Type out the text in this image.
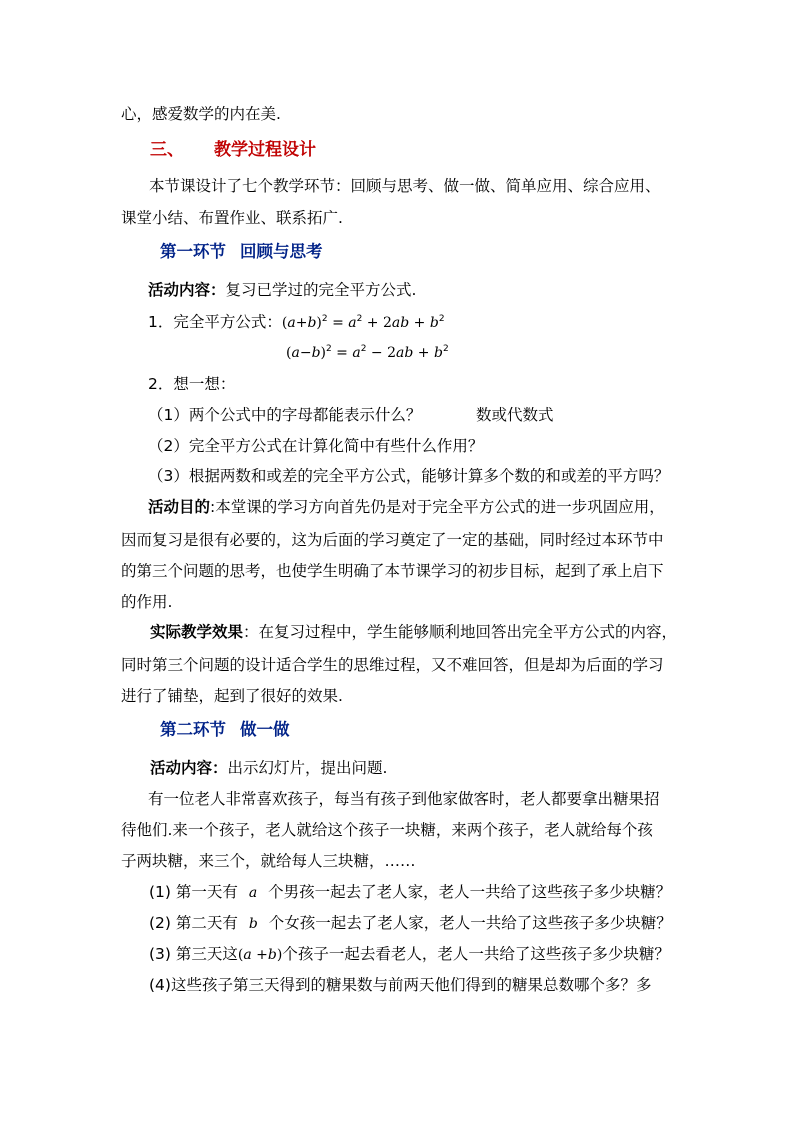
心，感爱数学的内在美.
三、 教学过程设计
本节课设计了七个教学环节：回顾与思考、做一做、简单应用、综合应用、
课堂小结、布置作业、联系拓广.
第一环节 回顾与思考
活动内容：复习已学过的完全平方公式.
1．完全平方公式：$(a+b)^2 = a^2 + 2ab + b^2$
$(a-b)^2 = a^2 - 2ab + b^2$
2．想一想：
（1）两个公式中的字母都能表示什么？	数或代数式
（2）完全平方公式在计算化简中有些什么作用？
（3）根据两数和或差的完全平方公式，能够计算多个数的和或差的平方吗？
活动目的:本堂课的学习方向首先仍是对于完全平方公式的进一步巩固应用，
因而复习是很有必要的，这为后面的学习奠定了一定的基础，同时经过本环节中
的第三个问题的思考，也使学生明确了本节课学习的初步目标，起到了承上启下
的作用.
实际教学效果：在复习过程中，学生能够顺利地回答出完全平方公式的内容，
同时第三个问题的设计适合学生的思维过程，又不难回答，但是却为后面的学习
进行了铺垫，起到了很好的效果.
第二环节 做一做
活动内容：出示幻灯片，提出问题.
有一位老人非常喜欢孩子，每当有孩子到他家做客时，老人都要拿出糖果招
待他们.来一个孩子，老人就给这个孩子一块糖，来两个孩子，老人就给每个孩
子两块糖，来三个，就给每人三块糖，……
(1) 第一天有 a 个男孩一起去了老人家，老人一共给了这些孩子多少块糖？
(2) 第二天有 b 个女孩一起去了老人家，老人一共给了这些孩子多少块糖？
(3) 第三天这(a +b)个孩子一起去看老人，老人一共给了这些孩子多少块糖？
(4)这些孩子第三天得到的糖果数与前两天他们得到的糖果总数哪个多？多
